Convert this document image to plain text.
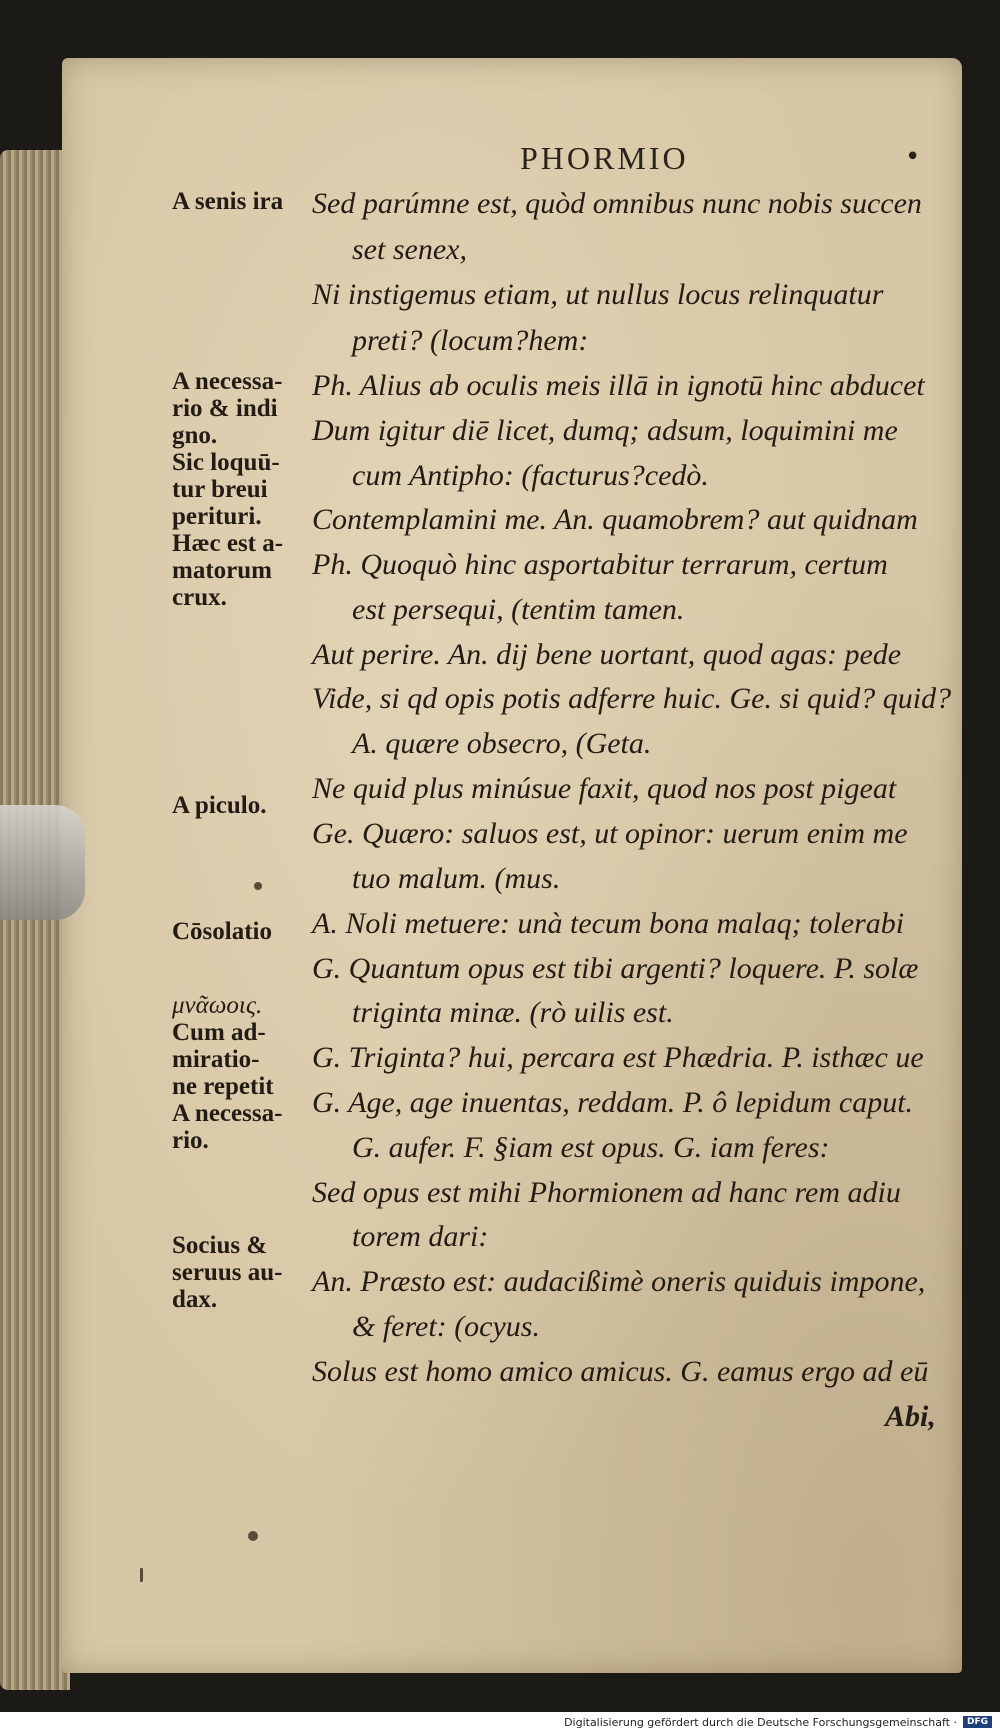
PHORMIO	•
A senis ira
A necessa-
rio & indi
gno.
Sic loquū-
tur breui
perituri.
Hæc est a-
matorum
crux.
A piculo.
Cōsolatio
μνᾶωοις.
Cum ad-
miratio-
ne repetit
A necessa-
rio.
Socius &
seruus au-
dax.
Sed parúmne est, quòd omnibus nunc nobis succen
set senex,
Ni instigemus etiam, ut nullus locus relinquatur
preti? (locum?hem:
Ph. Alius ab oculis meis illā in ignotū hinc abducet
Dum igitur diē licet, dumq; adsum, loquimini me
cum Antipho: (facturus?cedò.
Contemplamini me. An. quamobrem? aut quidnam
Ph. Quoquò hinc asportabitur terrarum, certum
est persequi, (tentim tamen.
Aut perire. An. dij bene uortant, quod agas: pede
Vide, si qd opis potis adferre huic. Ge. si quid? quid?
A. quære obsecro, (Geta.
Ne quid plus minúsue faxit, quod nos post pigeat
Ge. Quæro: saluos est, ut opinor: uerum enim me
tuo malum. (mus.
A. Noli metuere: unà tecum bona malaq; tolerabi
G. Quantum opus est tibi argenti? loquere. P. solæ
triginta minæ. (rò uilis est.
G. Triginta? hui, percara est Phædria. P. isthæc ue
G. Age, age inuentas, reddam. P. ô lepidum caput.
G. aufer. F. §iam est opus. G. iam feres:
Sed opus est mihi Phormionem ad hanc rem adiu
torem dari:
An. Præsto est: audacißimè oneris quiduis impone,
& feret: (ocyus.
Solus est homo amico amicus. G. eamus ergo ad eū
Abi,
Digitalisierung gefördert durch die Deutsche Forschungsgemeinschaft ·	DFG
